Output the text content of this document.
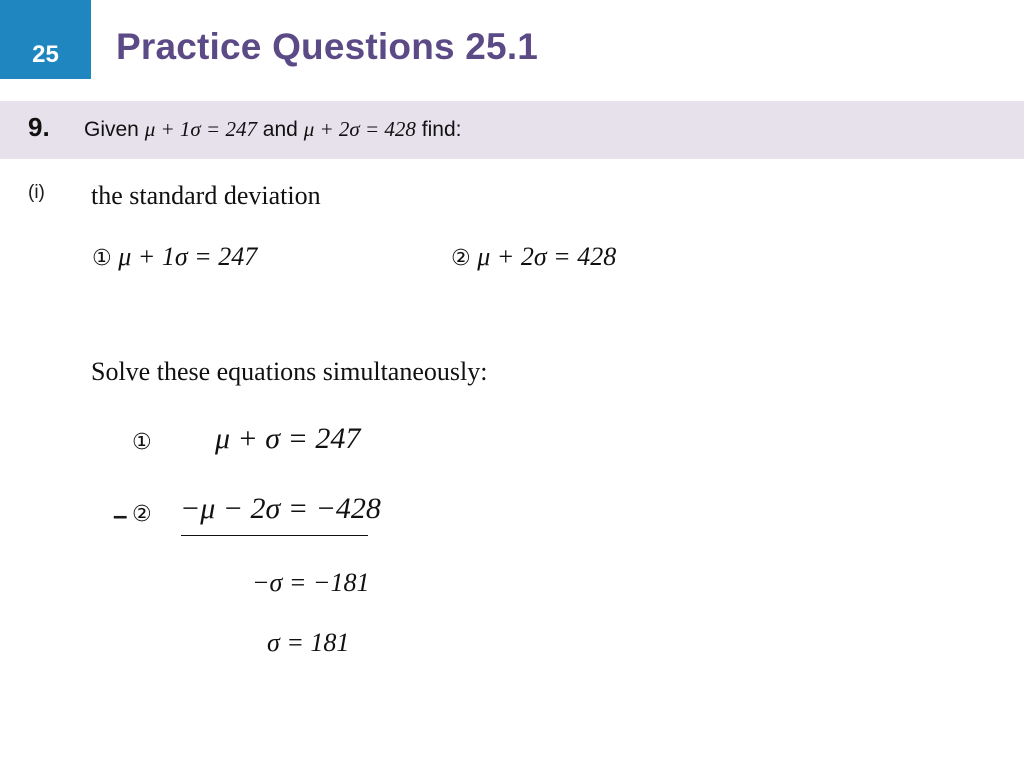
25 Practice Questions 25.1
9. Given μ + 1σ = 247 and μ + 2σ = 428 find:
(i) the standard deviation
① μ + 1σ = 247	② μ + 2σ = 428
Solve these equations simultaneously:
① μ + σ = 247
– ② −μ − 2σ = −428
−σ = −181
σ = 181
